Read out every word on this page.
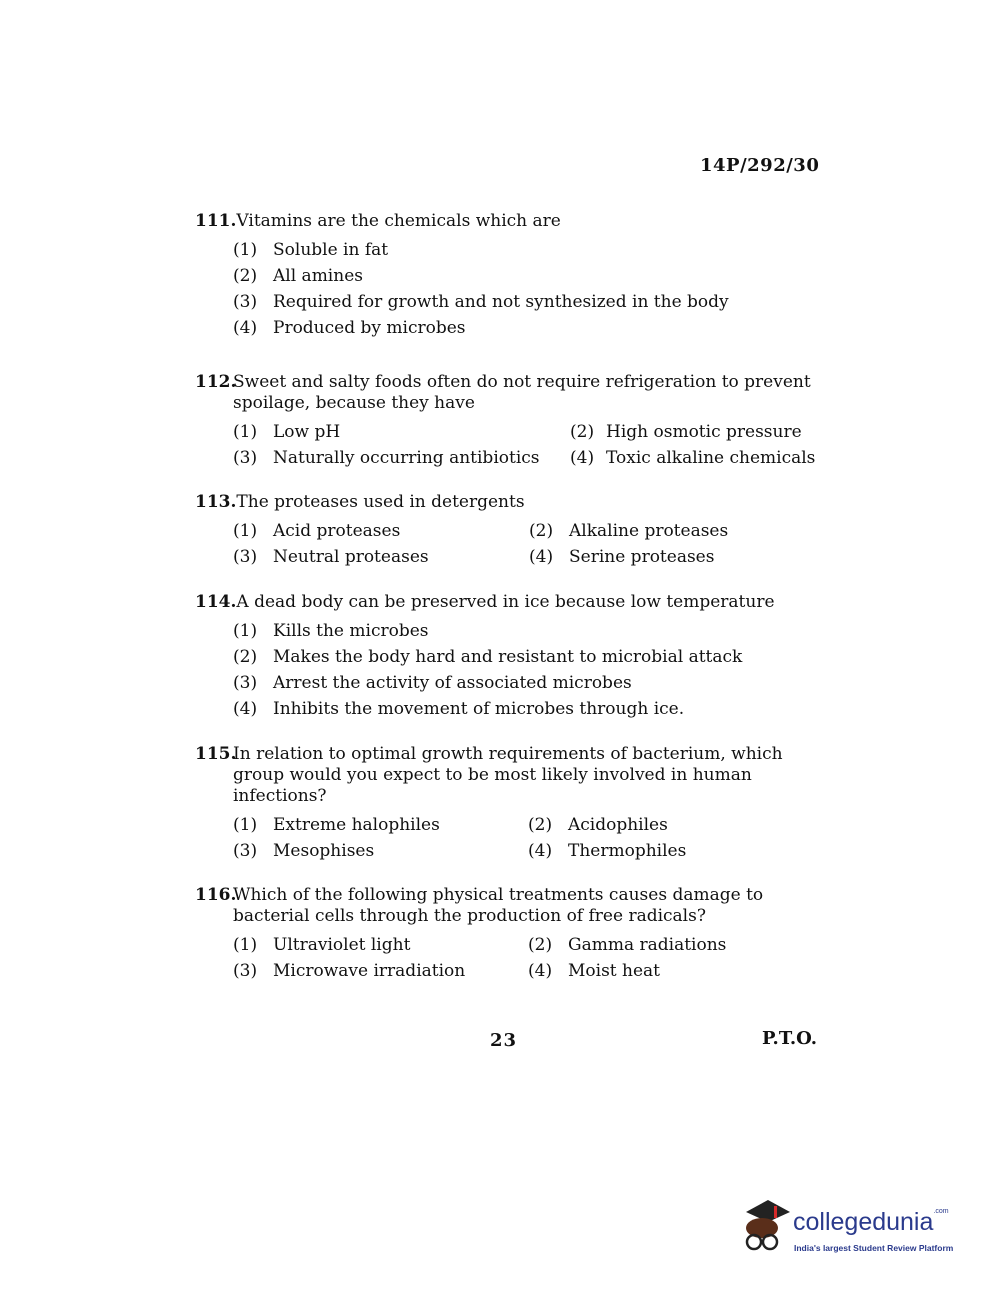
14P/292/30
111. Vitamins are the chemicals which are
(1) Soluble in fat
(2) All amines
(3) Required for growth and not synthesized in the body
(4) Produced by microbes
112.
Sweet and salty foods often do not require refrigeration to prevent spoilage, because they have
(1) Low pH	(2) High osmotic pressure
(3) Naturally occurring antibiotics (4) Toxic alkaline chemicals
113. The proteases used in detergents
(1) Acid proteases	(2) Alkaline proteases
(3) Neutral proteases	(4) Serine proteases
114. A dead body can be preserved in ice because low temperature
(1) Kills the microbes
(2) Makes the body hard and resistant to microbial attack
(3) Arrest the activity of associated microbes
(4) Inhibits the movement of microbes through ice.
115.
In relation to optimal growth requirements of bacterium, which group would you expect to be most likely involved in human infections?
(1) Extreme halophiles	(2) Acidophiles
(3) Mesophises	(4) Thermophiles
116.
Which of the following physical treatments causes damage to bacterial cells through the production of free radicals?
(1) Ultraviolet light	(2) Gamma radiations
(3) Microwave irradiation	(4) Moist heat
23	P.T.O.
collegedunia$^{.com}$
India's largest Student Review Platform
